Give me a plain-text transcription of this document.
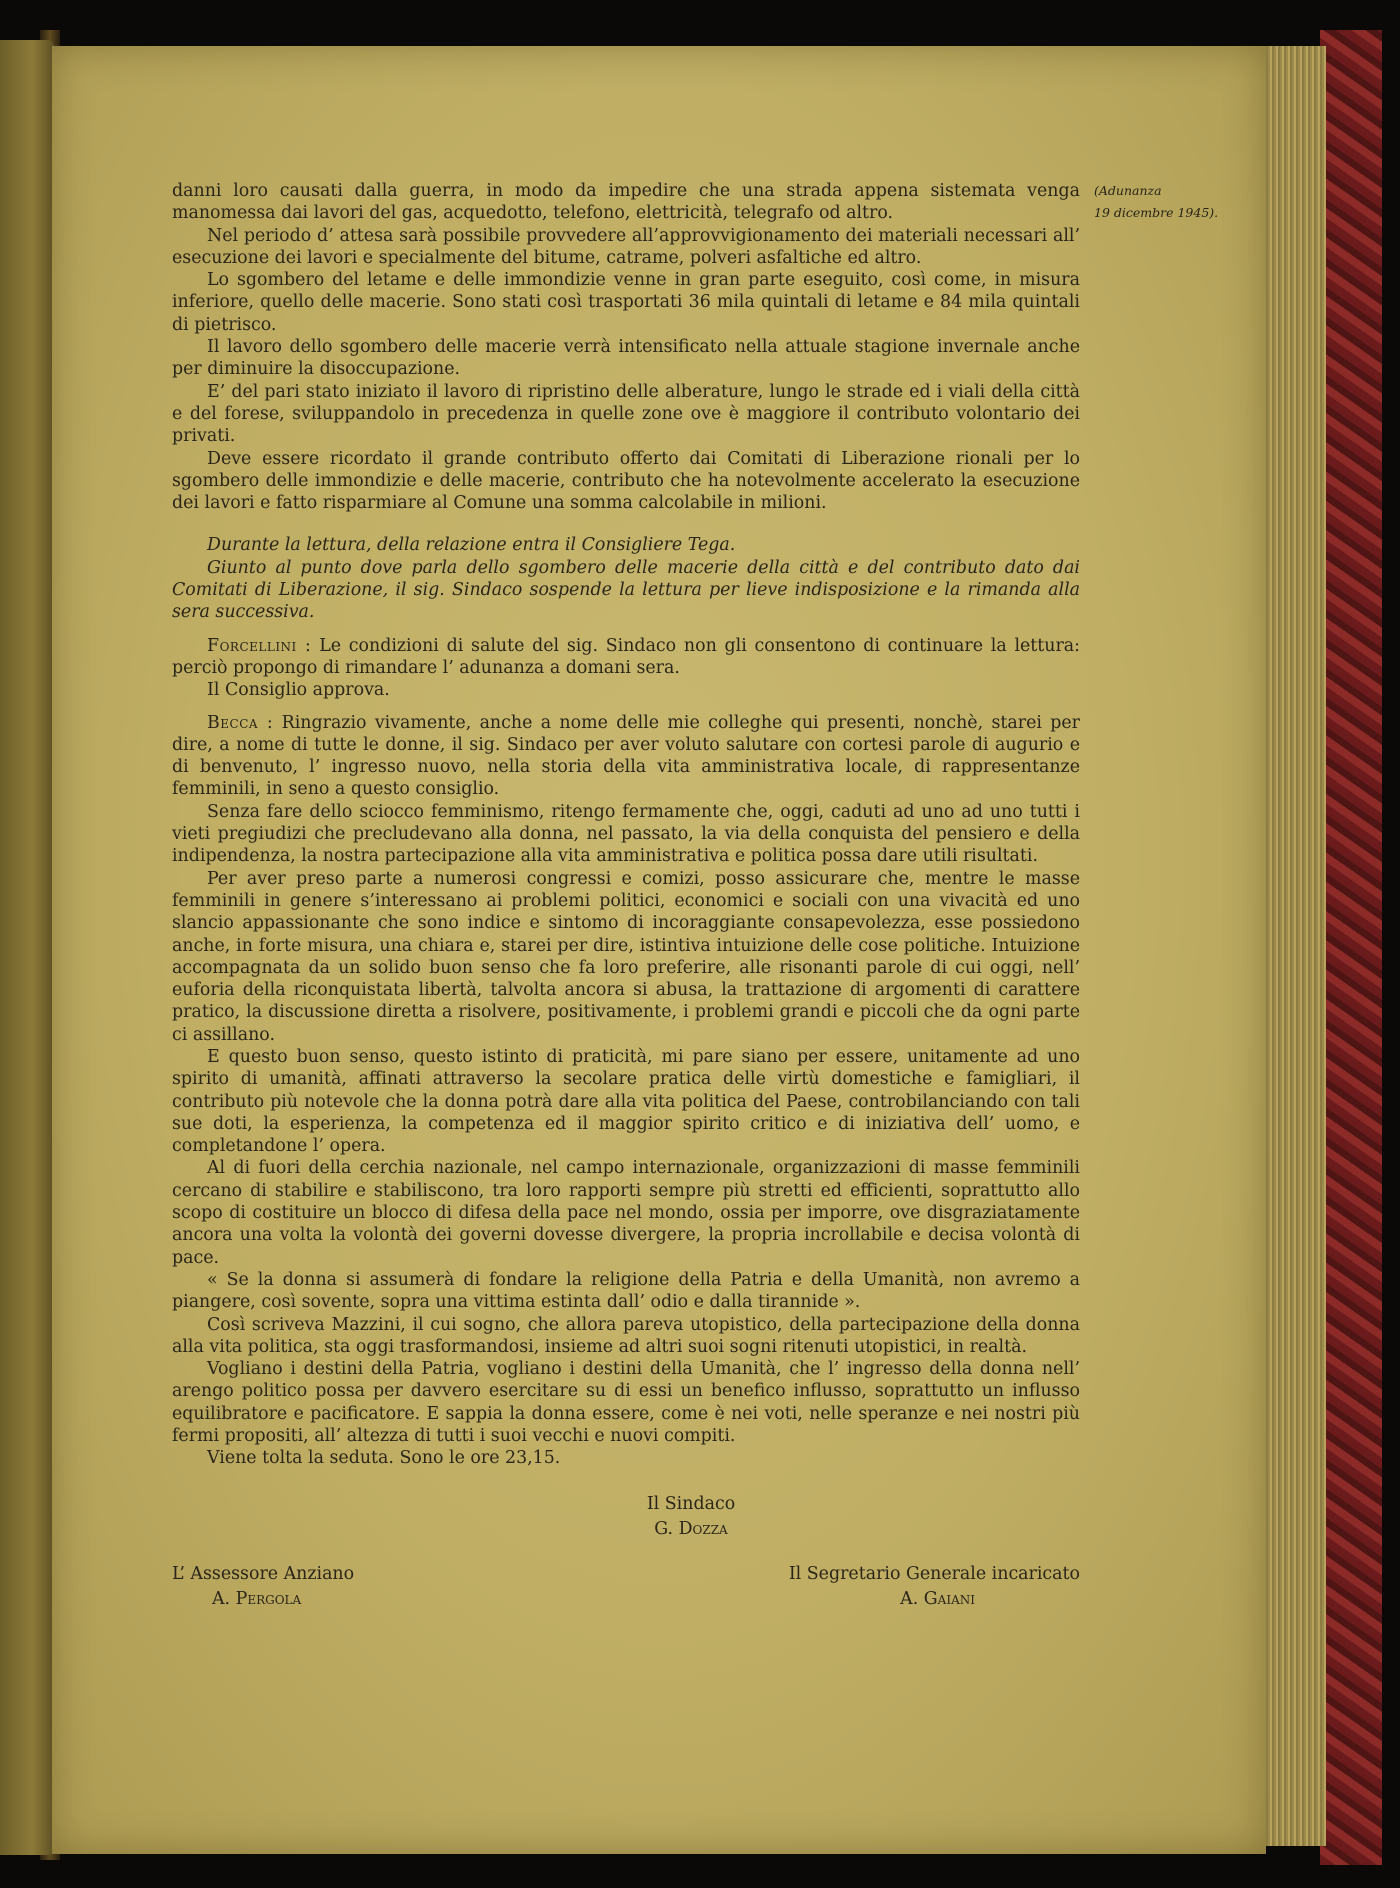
(Adunanza
19 dicembre 1945).

danni loro causati dalla guerra, in modo da impedire che una strada appena sistemata venga manomessa dai lavori del gas, acquedotto, telefono, elettricità, telegrafo od altro.

Nel periodo d’ attesa sarà possibile provvedere all’approvvigionamento dei materiali necessari all’ esecuzione dei lavori e specialmente del bitume, catrame, polveri asfaltiche ed altro.

Lo sgombero del letame e delle immondizie venne in gran parte eseguito, così come, in misura inferiore, quello delle macerie. Sono stati così trasportati 36 mila quintali di letame e 84 mila quintali di pietrisco.

Il lavoro dello sgombero delle macerie verrà intensificato nella attuale stagione invernale anche per diminuire la disoccupazione.

E’ del pari stato iniziato il lavoro di ripristino delle alberature, lungo le strade ed i viali della città e del forese, sviluppandolo in precedenza in quelle zone ove è maggiore il contributo volontario dei privati.

Deve essere ricordato il grande contributo offerto dai Comitati di Liberazione rionali per lo sgombero delle immondizie e delle macerie, contributo che ha notevolmente accelerato la esecuzione dei lavori e fatto risparmiare al Comune una somma calcolabile in milioni.

Durante la lettura, della relazione entra il Consigliere Tega.

Giunto al punto dove parla dello sgombero delle macerie della città e del contributo dato dai Comitati di Liberazione, il sig. Sindaco sospende la lettura per lieve indisposizione e la rimanda alla sera successiva.

Forcellini : Le condizioni di salute del sig. Sindaco non gli consentono di continuare la lettura: perciò propongo di rimandare l’ adunanza a domani sera.

Il Consiglio approva.

Becca : Ringrazio vivamente, anche a nome delle mie colleghe qui presenti, nonchè, starei per dire, a nome di tutte le donne, il sig. Sindaco per aver voluto salutare con cortesi parole di augurio e di benvenuto, l’ ingresso nuovo, nella storia della vita amministrativa locale, di rappresentanze femminili, in seno a questo consiglio.

Senza fare dello sciocco femminismo, ritengo fermamente che, oggi, caduti ad uno ad uno tutti i vieti pregiudizi che precludevano alla donna, nel passato, la via della conquista del pensiero e della indipendenza, la nostra partecipazione alla vita amministrativa e politica possa dare utili risultati.

Per aver preso parte a numerosi congressi e comizi, posso assicurare che, mentre le masse femminili in genere s’interessano ai problemi politici, economici e sociali con una vivacità ed uno slancio appassionante che sono indice e sintomo di incoraggiante consapevolezza, esse possiedono anche, in forte misura, una chiara e, starei per dire, istintiva intuizione delle cose politiche. Intuizione accompagnata da un solido buon senso che fa loro preferire, alle risonanti parole di cui oggi, nell’ euforia della riconquistata libertà, talvolta ancora si abusa, la trattazione di argomenti di carattere pratico, la discussione diretta a risolvere, positivamente, i problemi grandi e piccoli che da ogni parte ci assillano.

E questo buon senso, questo istinto di praticità, mi pare siano per essere, unitamente ad uno spirito di umanità, affinati attraverso la secolare pratica delle virtù domestiche e famigliari, il contributo più notevole che la donna potrà dare alla vita politica del Paese, controbilanciando con tali sue doti, la esperienza, la competenza ed il maggior spirito critico e di iniziativa dell’ uomo, e completandone l’ opera.

Al di fuori della cerchia nazionale, nel campo internazionale, organizzazioni di masse femminili cercano di stabilire e stabiliscono, tra loro rapporti sempre più stretti ed efficienti, soprattutto allo scopo di costituire un blocco di difesa della pace nel mondo, ossia per imporre, ove disgraziatamente ancora una volta la volontà dei governi dovesse divergere, la propria incrollabile e decisa volontà di pace.

« Se la donna si assumerà di fondare la religione della Patria e della Umanità, non avremo a piangere, così sovente, sopra una vittima estinta dall’ odio e dalla tirannide ».

Così scriveva Mazzini, il cui sogno, che allora pareva utopistico, della partecipazione della donna alla vita politica, sta oggi trasformandosi, insieme ad altri suoi sogni ritenuti utopistici, in realtà.

Vogliano i destini della Patria, vogliano i destini della Umanità, che l’ ingresso della donna nell’ arengo politico possa per davvero esercitare su di essi un benefico influsso, soprattutto un influsso equilibratore e pacificatore. E sappia la donna essere, come è nei voti, nelle speranze e nei nostri più fermi propositi, all’ altezza di tutti i suoi vecchi e nuovi compiti.

Viene tolta la seduta. Sono le ore 23,15.

Il Sindaco
G. Dozza
L’ Assessore Anziano
A. Pergola
Il Segretario Generale incaricato
A. Gaiani
